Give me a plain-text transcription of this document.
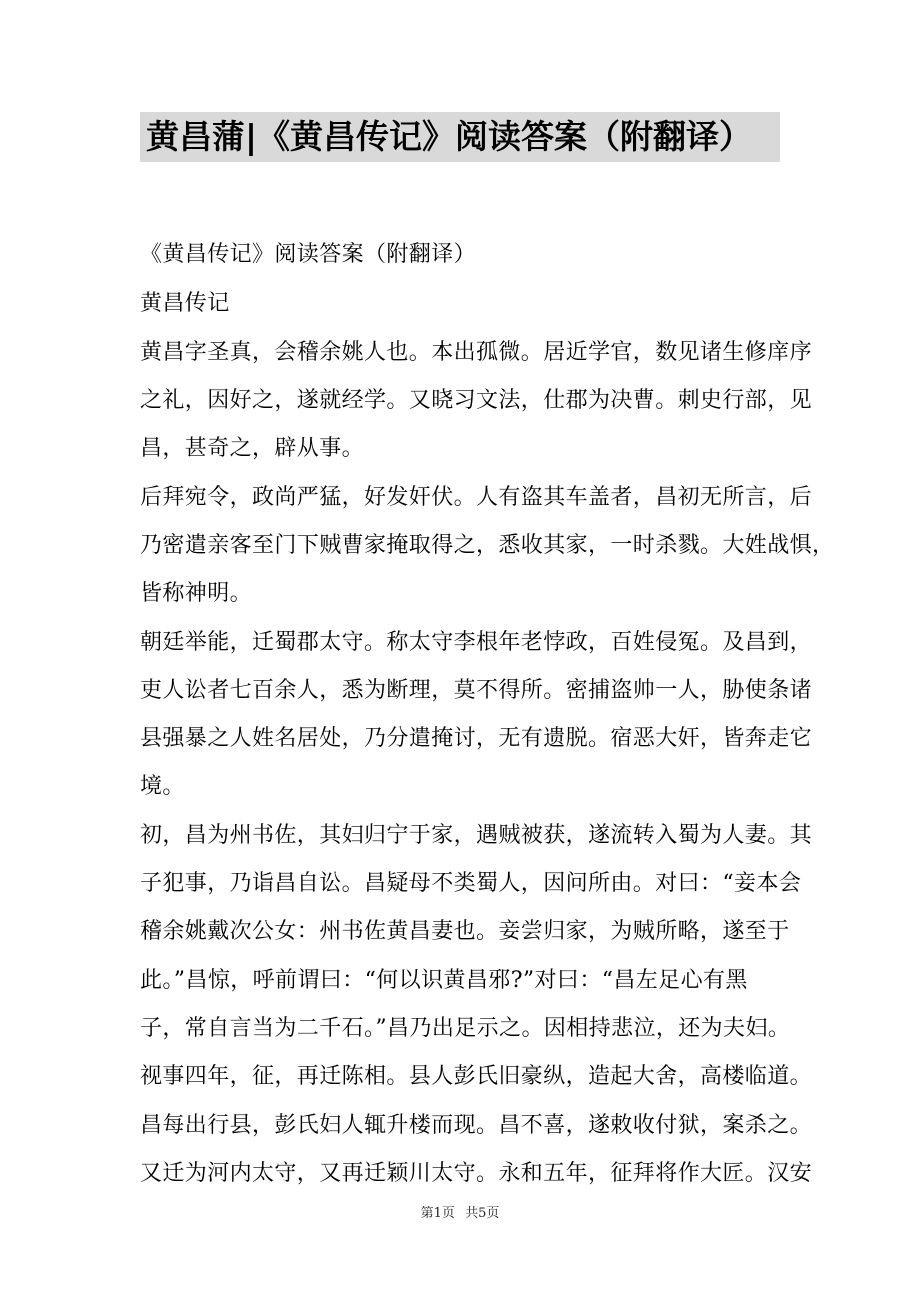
黄昌蒲|《黄昌传记》阅读答案（附翻译）
《黄昌传记》阅读答案（附翻译）
黄昌传记
黄昌字圣真，会稽余姚人也。本出孤微。居近学官，数见诸生修庠序
之礼，因好之，遂就经学。又晓习文法，仕郡为决曹。刺史行部，见
昌，甚奇之，辟从事。
后拜宛令，政尚严猛，好发奸伏。人有盗其车盖者，昌初无所言，后
乃密遣亲客至门下贼曹家掩取得之，悉收其家，一时杀戮。大姓战惧，
皆称神明。
朝廷举能，迁蜀郡太守。称太守李根年老悖政，百姓侵冤。及昌到，
吏人讼者七百余人，悉为断理，莫不得所。密捕盗帅一人，胁使条诸
县强暴之人姓名居处，乃分遣掩讨，无有遗脱。宿恶大奸，皆奔走它
境。
初，昌为州书佐，其妇归宁于家，遇贼被获，遂流转入蜀为人妻。其
子犯事，乃诣昌自讼。昌疑母不类蜀人，因问所由。对曰：“妾本会
稽余姚戴次公女：州书佐黄昌妻也。妾尝归家，为贼所略，遂至于
此。”昌惊，呼前谓曰：“何以识黄昌邪?”对曰：“昌左足心有黑
子，常自言当为二千石。”昌乃出足示之。因相持悲泣，还为夫妇。
视事四年，征，再迁陈相。县人彭氏旧豪纵，造起大舍，高楼临道。
昌每出行县，彭氏妇人辄升楼而现。昌不喜，遂敕收付狱，案杀之。
又迁为河内太守，又再迁颖川太守。永和五年，征拜将作大匠。汉安
第1页 共5页
